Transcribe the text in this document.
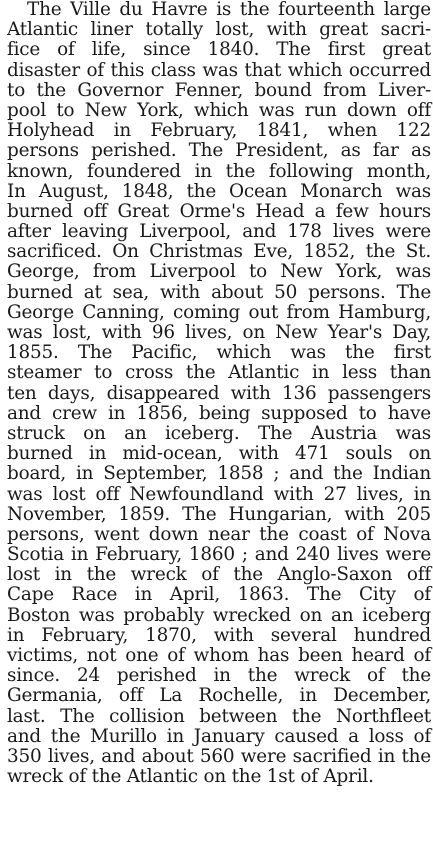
The Ville du Havre is the fourteenth large
Atlantic liner totally lost, with great sacri-
fice of life, since 1840. The first great
disaster of this class was that which occurred
to the Governor Fenner, bound from Liver-
pool to New York, which was run down off
Holyhead in February, 1841, when 122
persons perished. The President, as far as
known, foundered in the following month,
In August, 1848, the Ocean Monarch was
burned off Great Orme's Head a few hours
after leaving Liverpool, and 178 lives were
sacrificed. On Christmas Eve, 1852, the St.
George, from Liverpool to New York, was
burned at sea, with about 50 persons. The
George Canning, coming out from Hamburg,
was lost, with 96 lives, on New Year's Day,
1855. The Pacific, which was the first
steamer to cross the Atlantic in less than
ten days, disappeared with 136 passengers
and crew in 1856, being supposed to have
struck on an iceberg. The Austria was
burned in mid-ocean, with 471 souls on
board, in September, 1858 ; and the Indian
was lost off Newfoundland with 27 lives, in
November, 1859. The Hungarian, with 205
persons, went down near the coast of Nova
Scotia in February, 1860 ; and 240 lives were
lost in the wreck of the Anglo-Saxon off
Cape Race in April, 1863. The City of
Boston was probably wrecked on an iceberg
in February, 1870, with several hundred
victims, not one of whom has been heard of
since. 24 perished in the wreck of the
Germania, off La Rochelle, in December,
last. The collision between the Northfleet
and the Murillo in January caused a loss of
350 lives, and about 560 were sacrified in the
wreck of the Atlantic on the 1st of April.
